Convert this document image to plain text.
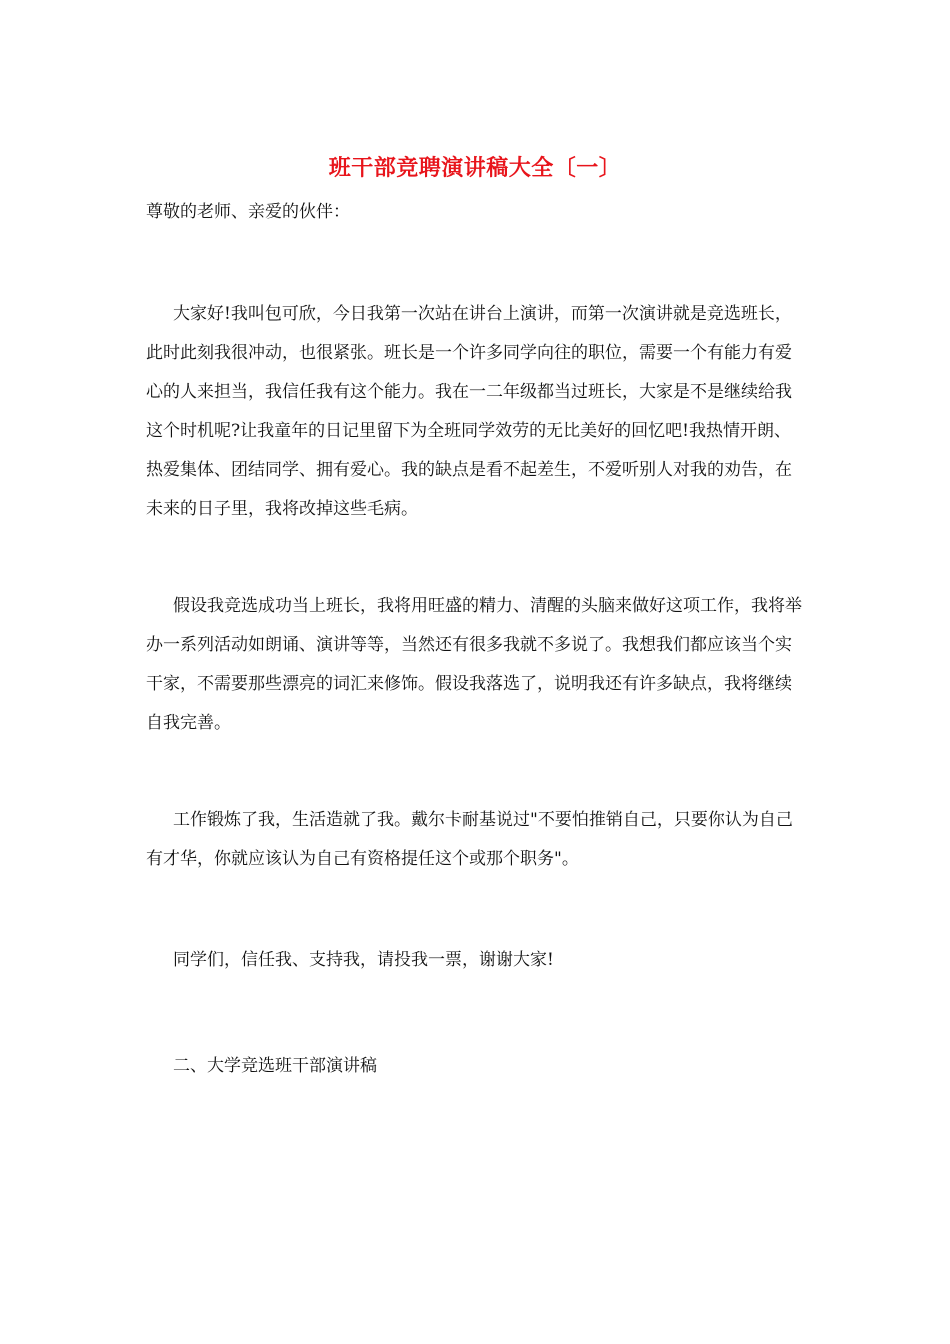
班干部竞聘演讲稿大全〔一〕
尊敬的老师、亲爱的伙伴：

大家好!我叫包可欣，今日我第一次站在讲台上演讲，而第一次演讲就是竞选班长，此时此刻我很冲动，也很紧张。班长是一个许多同学向往的职位，需要一个有能力有爱心的人来担当，我信任我有这个能力。我在一二年级都当过班长，大家是不是继续给我这个时机呢?让我童年的日记里留下为全班同学效劳的无比美好的回忆吧!我热情开朗、热爱集体、团结同学、拥有爱心。我的缺点是看不起差生，不爱听别人对我的劝告，在未来的日子里，我将改掉这些毛病。

假设我竞选成功当上班长，我将用旺盛的精力、清醒的头脑来做好这项工作，我将举办一系列活动如朗诵、演讲等等，当然还有很多我就不多说了。我想我们都应该当个实干家，不需要那些漂亮的词汇来修饰。假设我落选了，说明我还有许多缺点，我将继续自我完善。

工作锻炼了我，生活造就了我。戴尔卡耐基说过"不要怕推销自己，只要你认为自己有才华，你就应该认为自己有资格提任这个或那个职务"。

同学们，信任我、支持我，请投我一票，谢谢大家!

二、大学竞选班干部演讲稿
